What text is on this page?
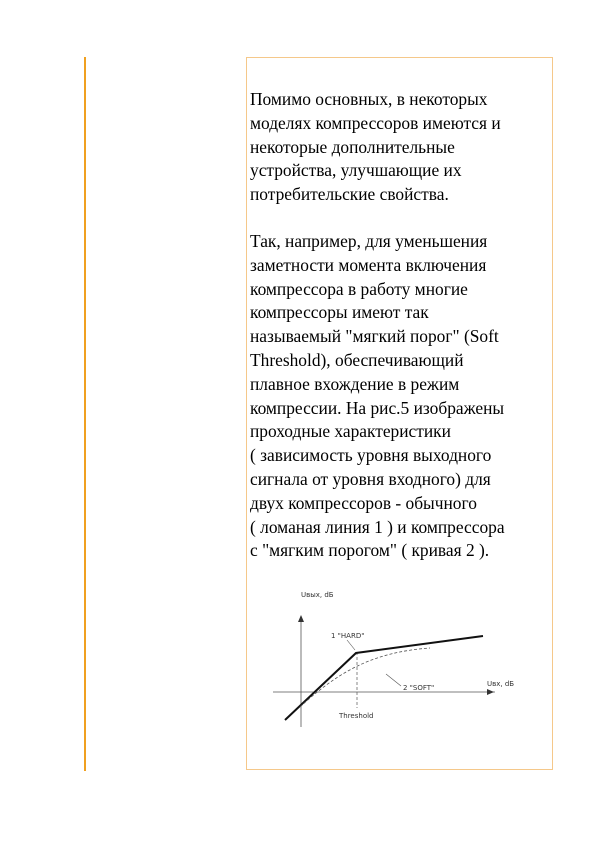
Помимо основных, в некоторых
моделях компрессоров имеются и
некоторые дополнительные
устройства, улучшающие их
потребительские свойства.
Так, например, для уменьшения
заметности момента включения
компрессора в работу многие
компрессоры имеют так
называемый "мягкий порог" (Soft
Threshold), обеспечивающий
плавное вхождение в режим
компрессии. На рис.5 изображены
проходные характеристики
( зависимость уровня выходного
сигнала от уровня входного) для
двух компрессоров - обычного
( ломаная линия 1 ) и компрессора
с "мягким порогом" ( кривая 2 ).
Uвых, dБ
Uвх, dБ
Threshold
1 "HARD"
2 "SOFT"
